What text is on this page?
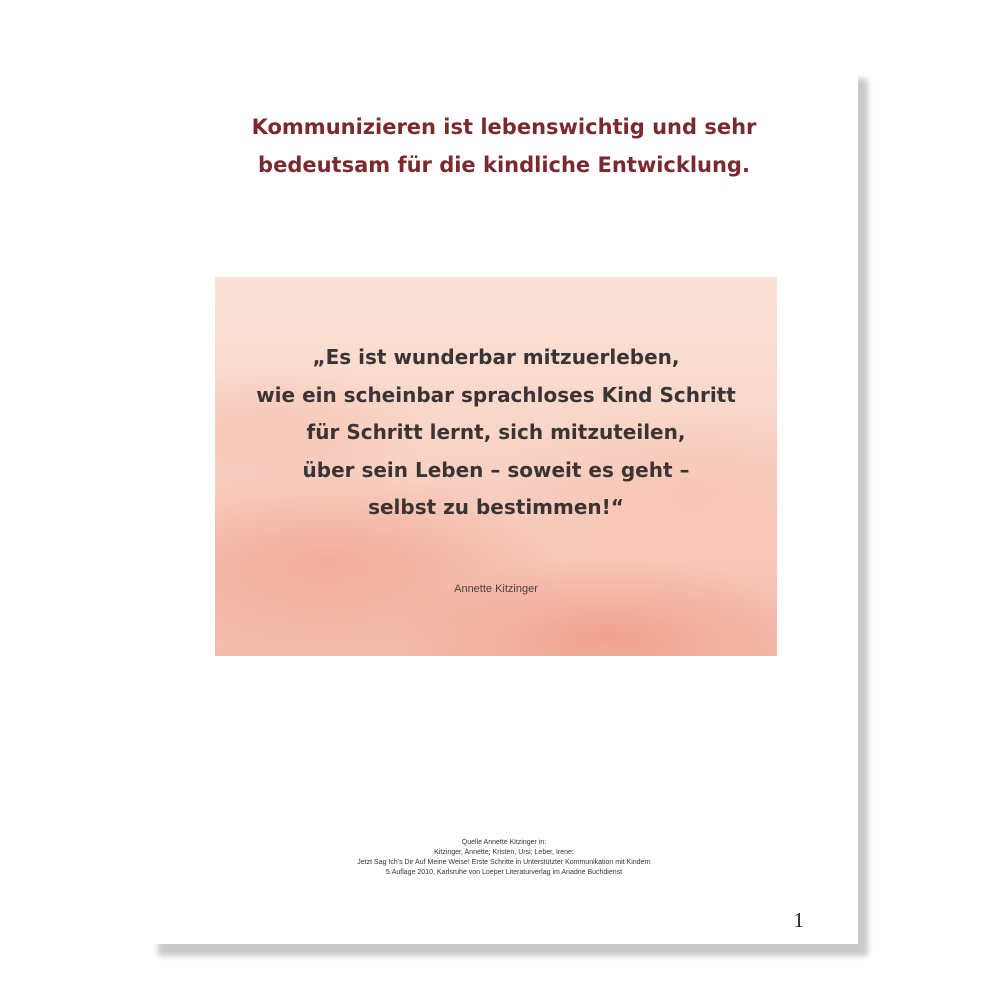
Kommunizieren ist lebenswichtig und sehr
bedeutsam für die kindliche Entwicklung.
„Es ist wunderbar mitzuerleben,
wie ein scheinbar sprachloses Kind Schritt
für Schritt lernt, sich mitzuteilen,
über sein Leben – soweit es geht –
selbst zu bestimmen!“
Annette Kitzinger
Quelle Annette Kitzinger in:
Kitzinger, Annette; Kristen, Ursi; Leber, Irene:
Jetzt Sag Ich's Dir Auf Meine Weise! Erste Schritte in Unterstützter Kommunikation mit Kindern
5.Auflage 2010, Karlsruhe von Loeper Literaturverlag im Ariadne Buchdienst
1
